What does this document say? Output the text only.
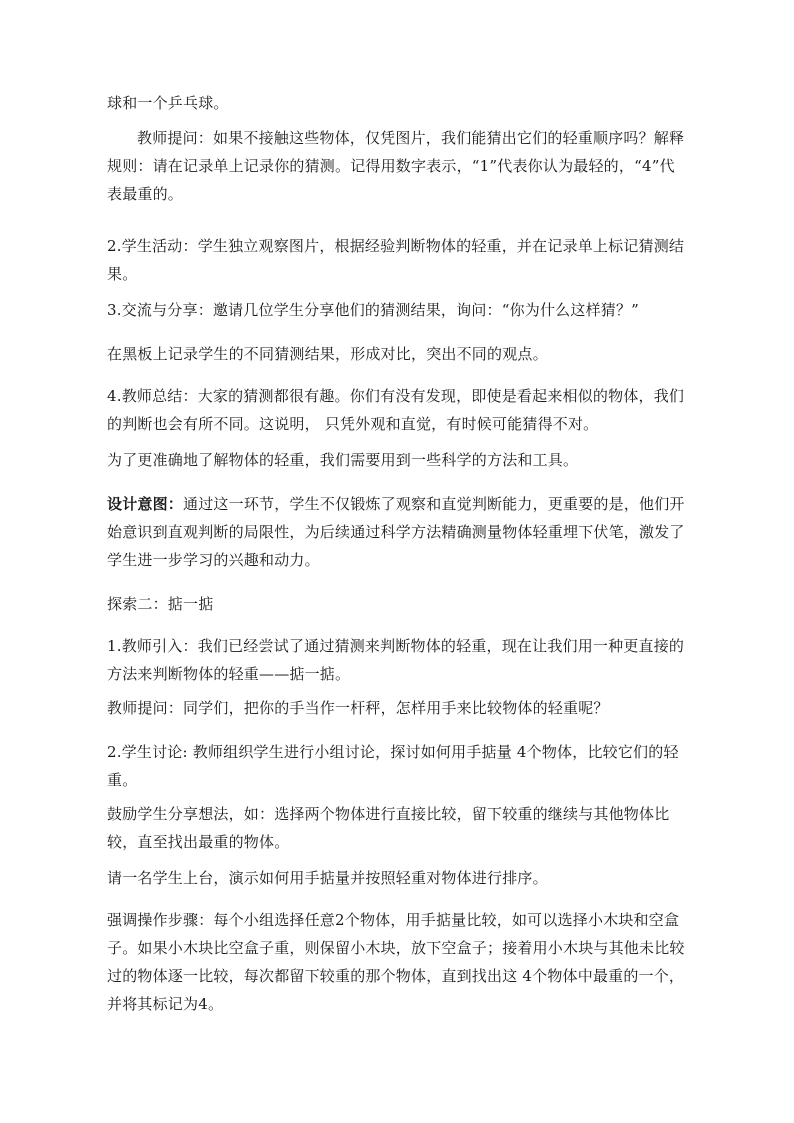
球和一个乒乓球。

教师提问：如果不接触这些物体，仅凭图片，我们能猜出它们的轻重顺序吗？解释规则：请在记录单上记录你的猜测。记得用数字表示，“1”代表你认为最轻的，“4”代表最重的。

2.学生活动：学生独立观察图片，根据经验判断物体的轻重，并在记录单上标记猜测结果。

3.交流与分享：邀请几位学生分享他们的猜测结果，询问：“你为什么这样猜？”

在黑板上记录学生的不同猜测结果，形成对比，突出不同的观点。

4.教师总结：大家的猜测都很有趣。你们有没有发现，即使是看起来相似的物体，我们的判断也会有所不同。这说明， 只凭外观和直觉，有时候可能猜得不对。

为了更准确地了解物体的轻重，我们需要用到一些科学的方法和工具。

设计意图：通过这一环节，学生不仅锻炼了观察和直觉判断能力，更重要的是，他们开始意识到直观判断的局限性，为后续通过科学方法精确测量物体轻重埋下伏笔，激发了学生进一步学习的兴趣和动力。

探索二：掂一掂

1.教师引入：我们已经尝试了通过猜测来判断物体的轻重，现在让我们用一种更直接的方法来判断物体的轻重——掂一掂。

教师提问：同学们，把你的手当作一杆秤，怎样用手来比较物体的轻重呢？

2.学生讨论: 教师组织学生进行小组讨论，探讨如何用手掂量 4个物体，比较它们的轻重。

鼓励学生分享想法，如：选择两个物体进行直接比较，留下较重的继续与其他物体比较，直至找出最重的物体。

请一名学生上台，演示如何用手掂量并按照轻重对物体进行排序。

强调操作步骤：每个小组选择任意2个物体，用手掂量比较，如可以选择小木块和空盒子。如果小木块比空盒子重，则保留小木块，放下空盒子；接着用小木块与其他未比较过的物体逐一比较，每次都留下较重的那个物体，直到找出这 4个物体中最重的一个，并将其标记为4。
